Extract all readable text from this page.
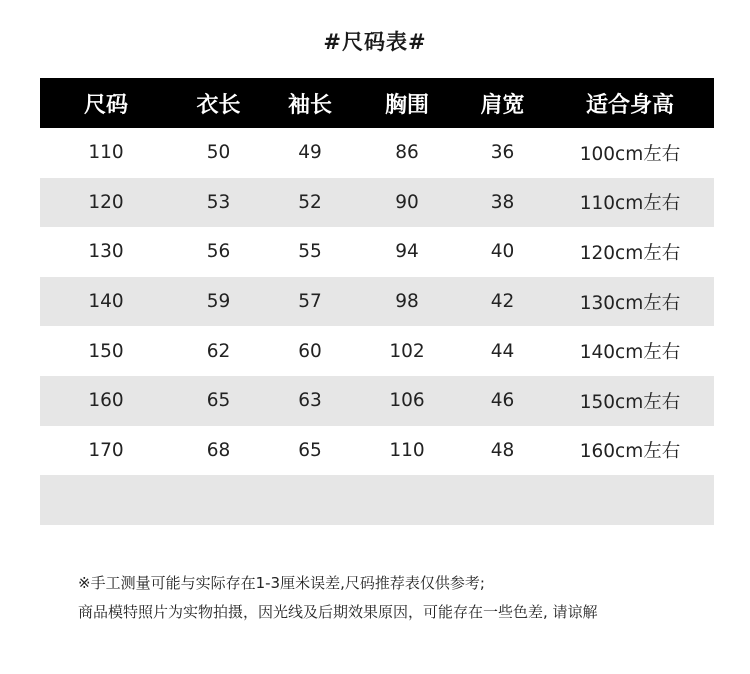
#尺码表#
尺码	衣长	袖长	胸围	肩宽	适合身高
110	50	49	86	36	100cm左右
120	53	52	90	38	110cm左右
130	56	55	94	40	120cm左右
140	59	57	98	42	130cm左右
150	62	60	102	44	140cm左右
160	65	63	106	46	150cm左右
170	68	65	110	48	160cm左右
※手工测量可能与实际存在1-3厘米误差,尺码推荐表仅供参考;
商品模特照片为实物拍摄，因光线及后期效果原因，可能存在一些色差, 请谅解
